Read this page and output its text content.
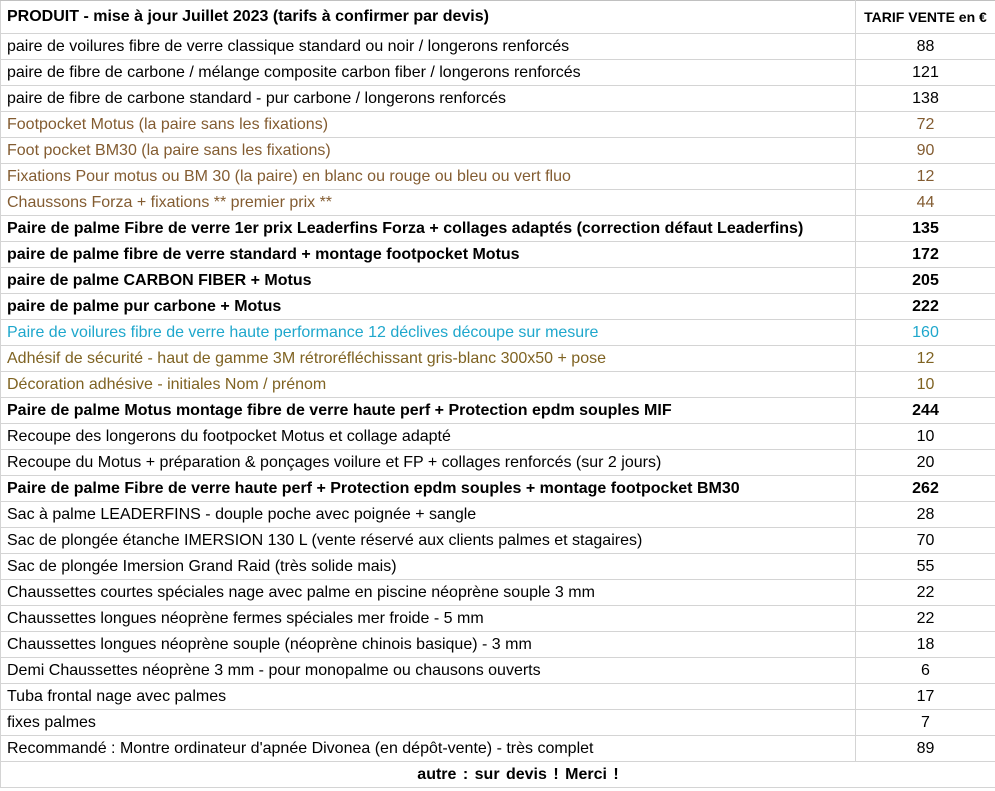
PRODUIT - mise à jour Juillet 2023 (tarifs à confirmer par devis)	TARIF VENTE en €
paire de voilures fibre de verre classique standard ou noir / longerons renforcés	88
paire de fibre de carbone / mélange composite carbon fiber / longerons renforcés	121
paire de fibre de carbone standard - pur carbone / longerons renforcés	138
Footpocket Motus (la paire sans les fixations)	72
Foot pocket BM30 (la paire sans les fixations)	90
Fixations Pour motus ou BM 30 (la paire) en blanc ou rouge ou bleu ou vert fluo	12
Chaussons Forza + fixations ** premier prix **	44
Paire de palme Fibre de verre 1er prix Leaderfins Forza + collages adaptés (correction défaut Leaderfins)	135
paire de palme fibre de verre standard + montage footpocket Motus	172
paire de palme CARBON FIBER + Motus	205
paire de palme pur carbone + Motus	222
Paire de voilures fibre de verre haute performance 12 déclives découpe sur mesure	160
Adhésif de sécurité - haut de gamme 3M rétroréfléchissant gris-blanc 300x50 + pose	12
Décoration adhésive - initiales Nom / prénom	10
Paire de palme Motus montage fibre de verre haute perf + Protection epdm souples MIF	244
Recoupe des longerons du footpocket Motus et collage adapté	10
Recoupe du Motus + préparation & ponçages voilure et FP + collages renforcés (sur 2 jours)	20
Paire de palme Fibre de verre haute perf + Protection epdm souples + montage footpocket BM30	262
Sac à palme LEADERFINS - douple poche avec poignée + sangle	28
Sac de plongée étanche IMERSION 130 L (vente réservé aux clients palmes et stagaires)	70
Sac de plongée Imersion Grand Raid (très solide mais)	55
Chaussettes courtes spéciales nage avec palme en piscine néoprène souple 3 mm	22
Chaussettes longues néoprène fermes spéciales mer froide - 5 mm	22
Chaussettes longues néoprène souple (néoprène chinois basique) - 3 mm	18
Demi Chaussettes néoprène 3 mm - pour monopalme ou chausons ouverts	6
Tuba frontal nage avec palmes	17
fixes palmes	7
Recommandé : Montre ordinateur d'apnée Divonea (en dépôt-vente) - très complet	89
autre : sur devis ! Merci !	
